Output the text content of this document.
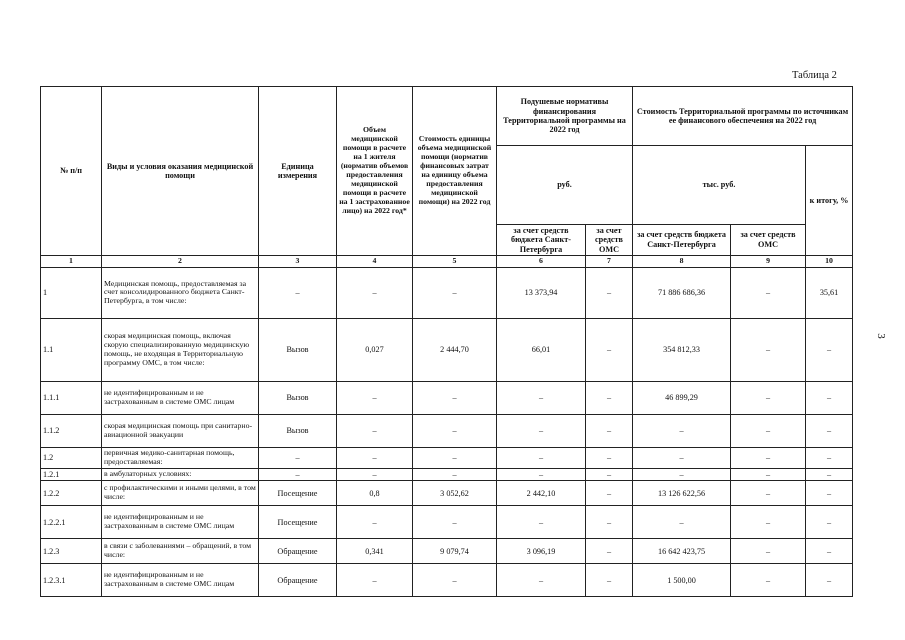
Таблица 2
3
№ п/п	Виды и условия оказания медицинской помощи	Единица измерения	Объем медицинской помощи в расчете на 1 жителя (норматив объемов предоставления медицинской помощи в расчете на 1 застрахованное лицо) на 2022 год*	Стоимость единицы объема медицинской помощи (норматив финансовых затрат на единицу объема предоставления медицинской помощи) на 2022 год	Подушевые нормативы финансирования Территориальной программы на 2022 год		Стоимость Территориальной программы по источникам ее финансового обеспечения на 2022 год		
					руб.		тыс. руб.		к итогу, %
					за счет средств бюджета Санкт-Петербурга	за счет средств ОМС	за счет средств бюджета Санкт-Петербурга	за счет средств ОМС	
1	2	3	4	5	6	7	8	9	10
1	Медицинская помощь, предоставляемая за счет консолидированного бюджета Санкт-Петербурга, в том числе:	–	–	–	13 373,94	–	71 886 686,36	–	35,61
1.1	скорая медицинская помощь, включая скорую специализированную медицинскую помощь, не входящая в Территориальную программу ОМС, в том числе:	Вызов	0,027	2 444,70	66,01	–	354 812,33	–	–
1.1.1	не идентифицированным и не застрахованным в системе ОМС лицам	Вызов	–	–	–	–	46 899,29	–	–
1.1.2	скорая медицинская помощь при санитарно-авиационной эвакуации	Вызов	–	–	–	–	–	–	–
1.2	первичная медико-санитарная помощь, предоставляемая:	–	–	–	–	–	–	–	–
1.2.1	в амбулаторных условиях:	–	–	–	–	–	–	–	–
1.2.2	с профилактическими и иными целями, в том числе:	Посещение	0,8	3 052,62	2 442,10	–	13 126 622,56	–	–
1.2.2.1	не идентифицированным и не застрахованным в системе ОМС лицам	Посещение	–	–	–	–	–	–	–
1.2.3	в связи с заболеваниями – обращений, в том числе:	Обращение	0,341	9 079,74	3 096,19	–	16 642 423,75	–	–
1.2.3.1	не идентифицированным и не застрахованным в системе ОМС лицам	Обращение	–	–	–	–	1 500,00	–	–
